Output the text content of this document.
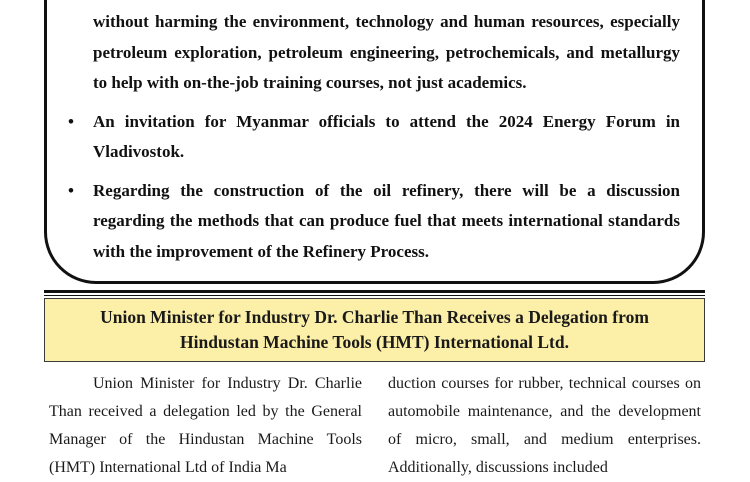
without harming the environment, technology and human resources, especially petroleum exploration, petroleum engineering, petrochemicals, and metallurgy to help with on-the-job training courses, not just academics.
• An invitation for Myanmar officials to attend the 2024 Energy Forum in Vladivostok.
• Regarding the construction of the oil refinery, there will be a discussion regarding the methods that can produce fuel that meets international standards with the improvement of the Refinery Process.
Union Minister for Industry Dr. Charlie Than Receives a Delegation from
Hindustan Machine Tools (HMT) International Ltd.

Union Minister for Industry Dr. Charlie Than received a delegation led by the General Manager of the Hindustan Machine Tools (HMT) International Ltd of India Ma

duction courses for rubber, technical courses on automobile maintenance, and the development of micro, small, and medium enterprises. Additionally, discussions included
